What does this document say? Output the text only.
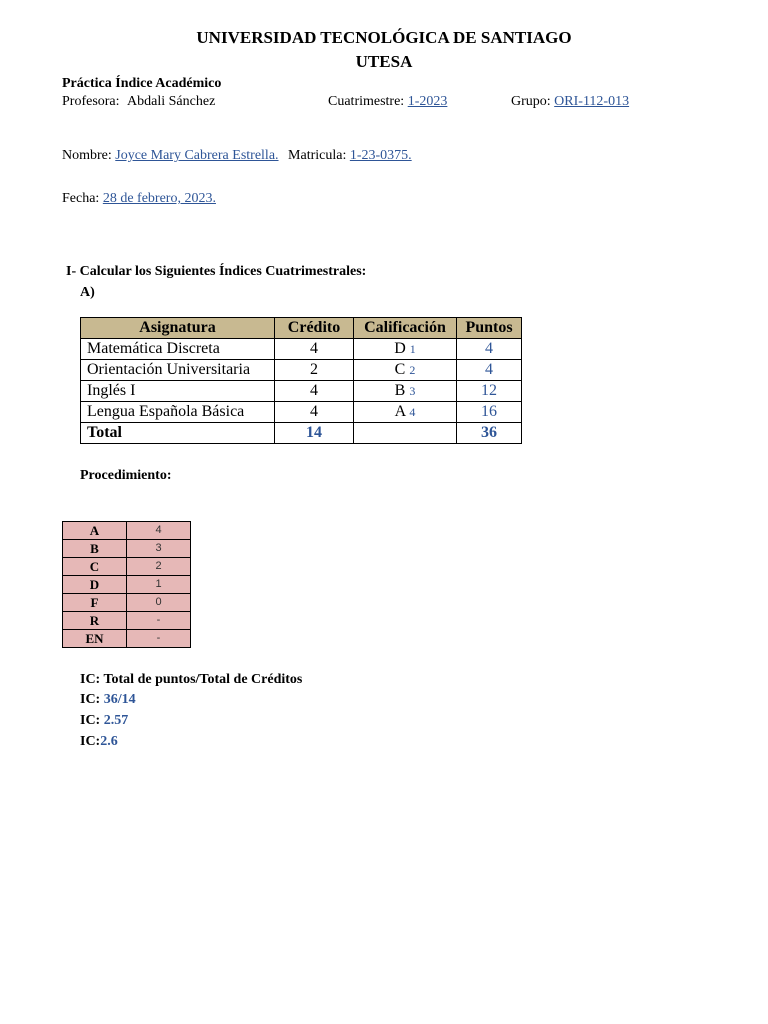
UNIVERSIDAD TECNOLÓGICA DE SANTIAGO
UTESA
Práctica Índice Académico
Profesora: Abdali Sánchez	Cuatrimestre: 1-2023	Grupo: ORI-112-013
Nombre: Joyce Mary Cabrera Estrella. Matricula: 1-23-0375.
Fecha: 28 de febrero, 2023.
I- Calcular los Siguientes Índices Cuatrimestrales:
A)
Asignatura	Crédito	Calificación	Puntos
Matemática Discreta	4	D 1	4
Orientación Universitaria	2	C 2	4
Inglés I	4	B 3	12
Lengua Española Básica	4	A 4	16
Total	14		36
Procedimiento:
A	4
B	3
C	2
D	1
F	0
R	-
EN	-
IC: Total de puntos/Total de Créditos
IC: 36/14
IC: 2.57
IC:2.6
